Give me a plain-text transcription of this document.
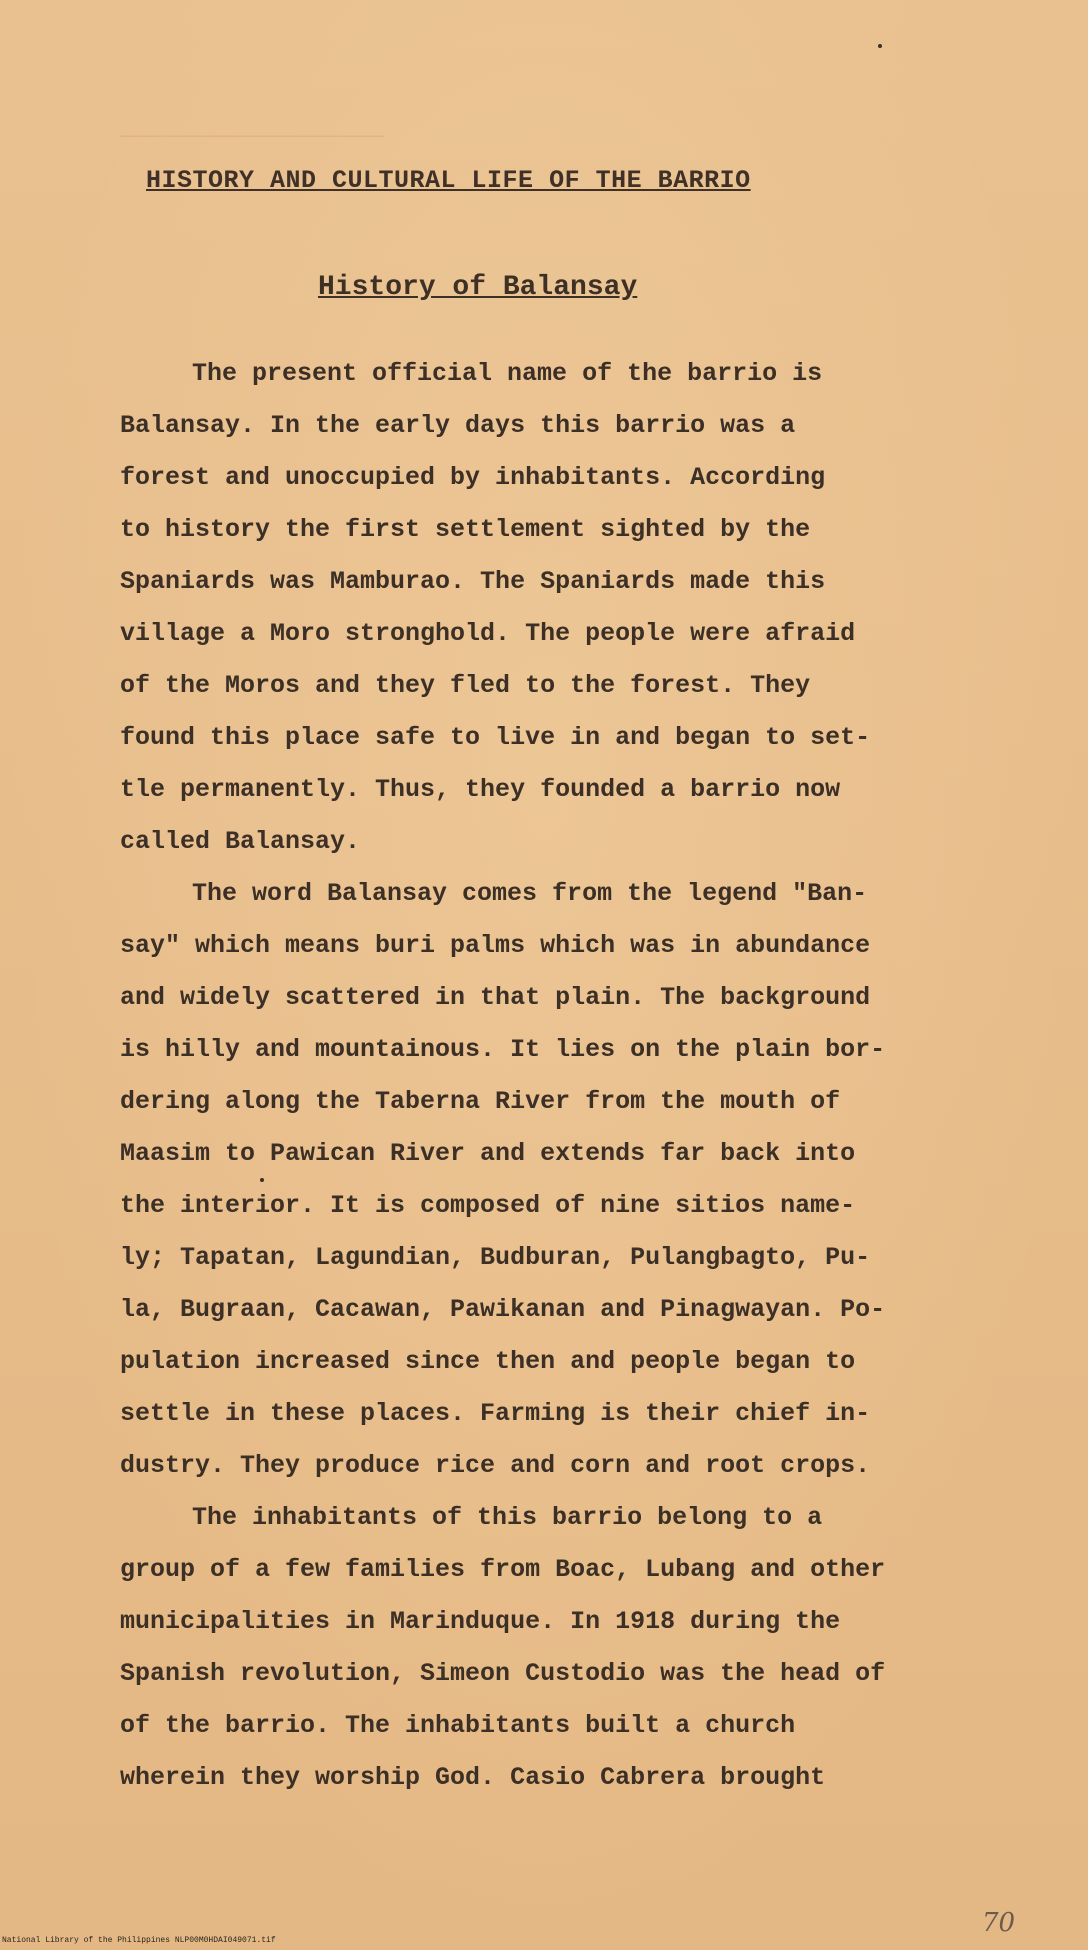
────────────────────
HISTORY AND CULTURAL LIFE OF THE BARRIO
History of Balansay
The present official name of the barrio is
Balansay. In the early days this barrio was a
forest and unoccupied by inhabitants. According
to history the first settlement sighted by the
Spaniards was Mamburao. The Spaniards made this
village a Moro stronghold. The people were afraid
of the Moros and they fled to the forest. They
found this place safe to live in and began to set-
tle permanently. Thus, they founded a barrio now
called Balansay.
The word Balansay comes from the legend "Ban-
say" which means buri palms which was in abundance
and widely scattered in that plain. The background
is hilly and mountainous. It lies on the plain bor-
dering along the Taberna River from the mouth of
Maasim to Pawican River and extends far back into
the interior. It is composed of nine sitios name-
ly; Tapatan, Lagundian, Budburan, Pulangbagto, Pu-
la, Bugraan, Cacawan, Pawikanan and Pinagwayan. Po-
pulation increased since then and people began to
settle in these places. Farming is their chief in-
dustry. They produce rice and corn and root crops.
The inhabitants of this barrio belong to a
group of a few families from Boac, Lubang and other
municipalities in Marinduque. In 1918 during the
Spanish revolution, Simeon Custodio was the head of
of the barrio. The inhabitants built a church
wherein they worship God. Casio Cabrera brought
National Library of the Philippines NLP00M0HDAI049071.tif
70
